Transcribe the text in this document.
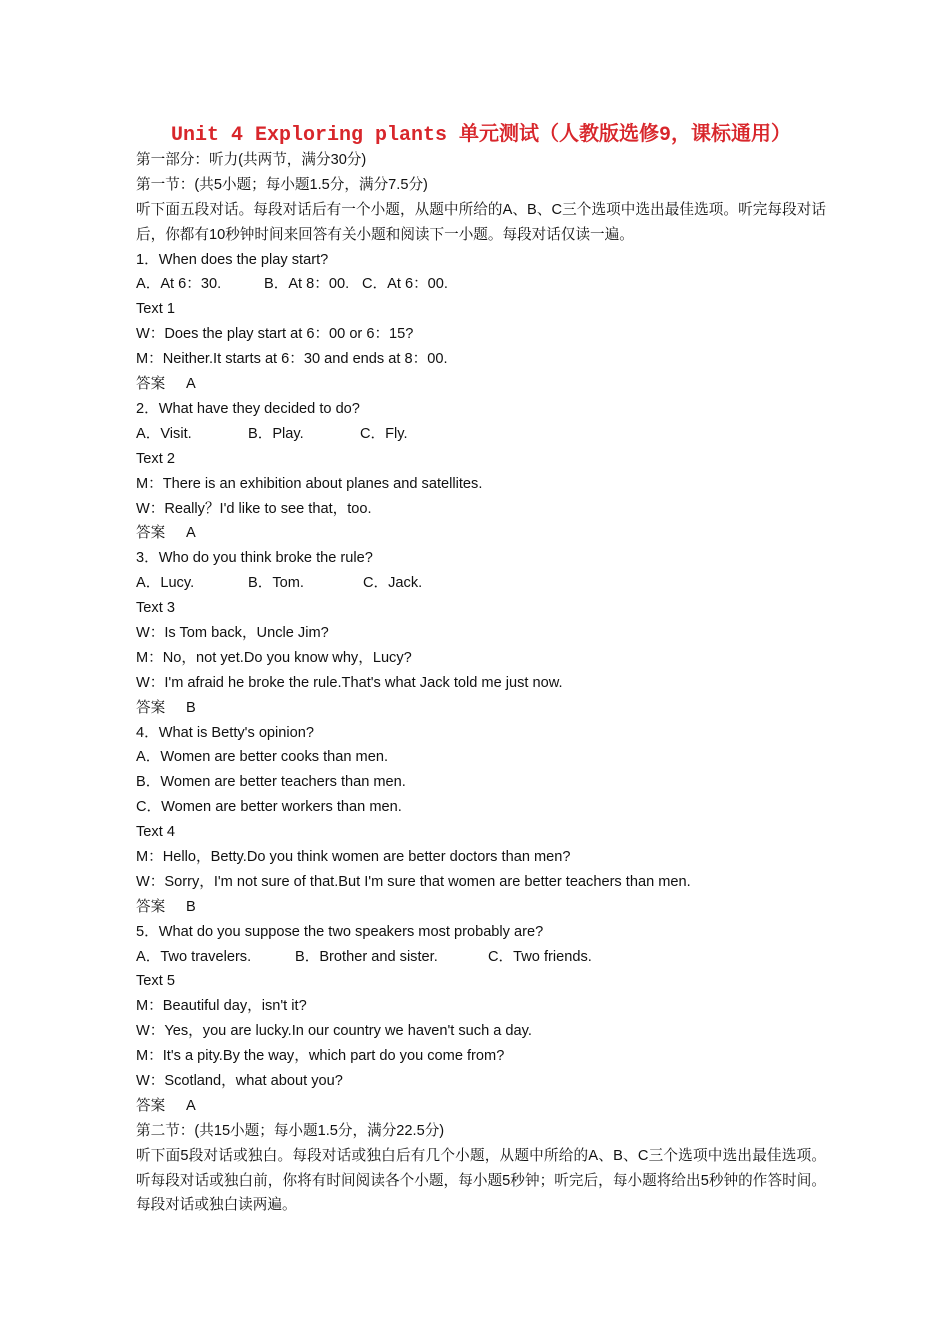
Unit 4 Exploring plants 单元测试（人教版选修9，课标通用）
第一部分：听力(共两节，满分30分)
第一节：(共5小题；每小题1.5分，满分7.5分)
听下面五段对话。每段对话后有一个小题，从题中所给的A、B、C三个选项中选出最佳选项。听完每段对话后，你都有10秒钟时间来回答有关小题和阅读下一小题。每段对话仅读一遍。
1．When does the play start?
A．At 6：30.	B．At 8：00. C．At 6：00.
Text 1
W：Does the play start at 6：00 or 6：15?
M：Neither.It starts at 6：30 and ends at 8：00.
答案 A
2．What have they decided to do?
A．Visit.	B．Play.	C．Fly.
Text 2
M：There is an exhibition about planes and satellites.
W：Really？I'd like to see that，too.
答案 A
3．Who do you think broke the rule?
A．Lucy.	B．Tom.	C．Jack.
Text 3
W：Is Tom back，Uncle Jim?
M：No，not yet.Do you know why，Lucy?
W：I'm afraid he broke the rule.That's what Jack told me just now.
答案 B
4．What is Betty's opinion?
A．Women are better cooks than men.
B．Women are better teachers than men.
C．Women are better workers than men.
Text 4
M：Hello，Betty.Do you think women are better doctors than men?
W：Sorry，I'm not sure of that.But I'm sure that women are better teachers than men.
答案 B
5．What do you suppose the two speakers most probably are?
A．Two travelers.	B．Brother and sister.	C．Two friends.
Text 5
M：Beautiful day，isn't it?
W：Yes，you are lucky.In our country we haven't such a day.
M：It's a pity.By the way，which part do you come from?
W：Scotland，what about you?
答案 A
第二节：(共15小题；每小题1.5分，满分22.5分)
听下面5段对话或独白。每段对话或独白后有几个小题，从题中所给的A、B、C三个选项中选出最佳选项。听每段对话或独白前，你将有时间阅读各个小题，每小题5秒钟；听完后，每小题将给出5秒钟的作答时间。每段对话或独白读两遍。
